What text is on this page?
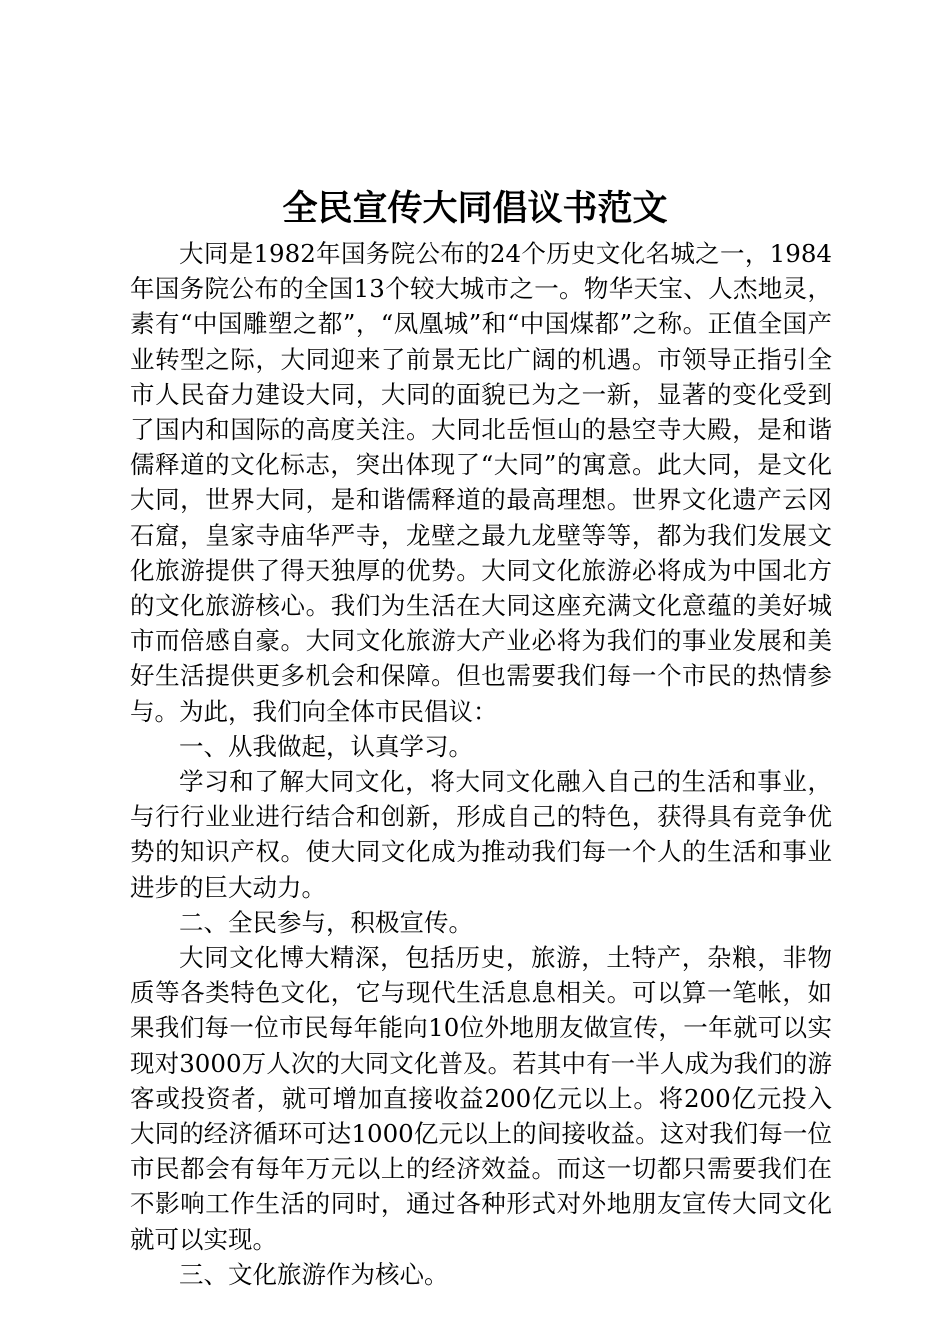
全民宣传大同倡议书范文

大同是1982年国务院公布的24个历史文化名城之一，1984年国务院公布的全国13个较大城市之一。物华天宝、人杰地灵，素有“中国雕塑之都”，“凤凰城”和“中国煤都”之称。正值全国产业转型之际，大同迎来了前景无比广阔的机遇。市领导正指引全市人民奋力建设大同，大同的面貌已为之一新，显著的变化受到了国内和国际的高度关注。大同北岳恒山的悬空寺大殿，是和谐儒释道的文化标志，突出体现了“大同”的寓意。此大同，是文化大同，世界大同，是和谐儒释道的最高理想。世界文化遗产云冈石窟，皇家寺庙华严寺，龙壁之最九龙壁等等，都为我们发展文化旅游提供了得天独厚的优势。大同文化旅游必将成为中国北方的文化旅游核心。我们为生活在大同这座充满文化意蕴的美好城市而倍感自豪。大同文化旅游大产业必将为我们的事业发展和美好生活提供更多机会和保障。但也需要我们每一个市民的热情参与。为此，我们向全体市民倡议：

一、从我做起，认真学习。

学习和了解大同文化，将大同文化融入自己的生活和事业，与行行业业进行结合和创新，形成自己的特色，获得具有竞争优势的知识产权。使大同文化成为推动我们每一个人的生活和事业进步的巨大动力。

二、全民参与，积极宣传。

大同文化博大精深，包括历史，旅游，土特产，杂粮，非物质等各类特色文化，它与现代生活息息相关。可以算一笔帐，如果我们每一位市民每年能向10位外地朋友做宣传，一年就可以实现对3000万人次的大同文化普及。若其中有一半人成为我们的游客或投资者，就可增加直接收益200亿元以上。将200亿元投入大同的经济循环可达1000亿元以上的间接收益。这对我们每一位市民都会有每年万元以上的经济效益。而这一切都只需要我们在不影响工作生活的同时，通过各种形式对外地朋友宣传大同文化就可以实现。

三、文化旅游作为核心。
